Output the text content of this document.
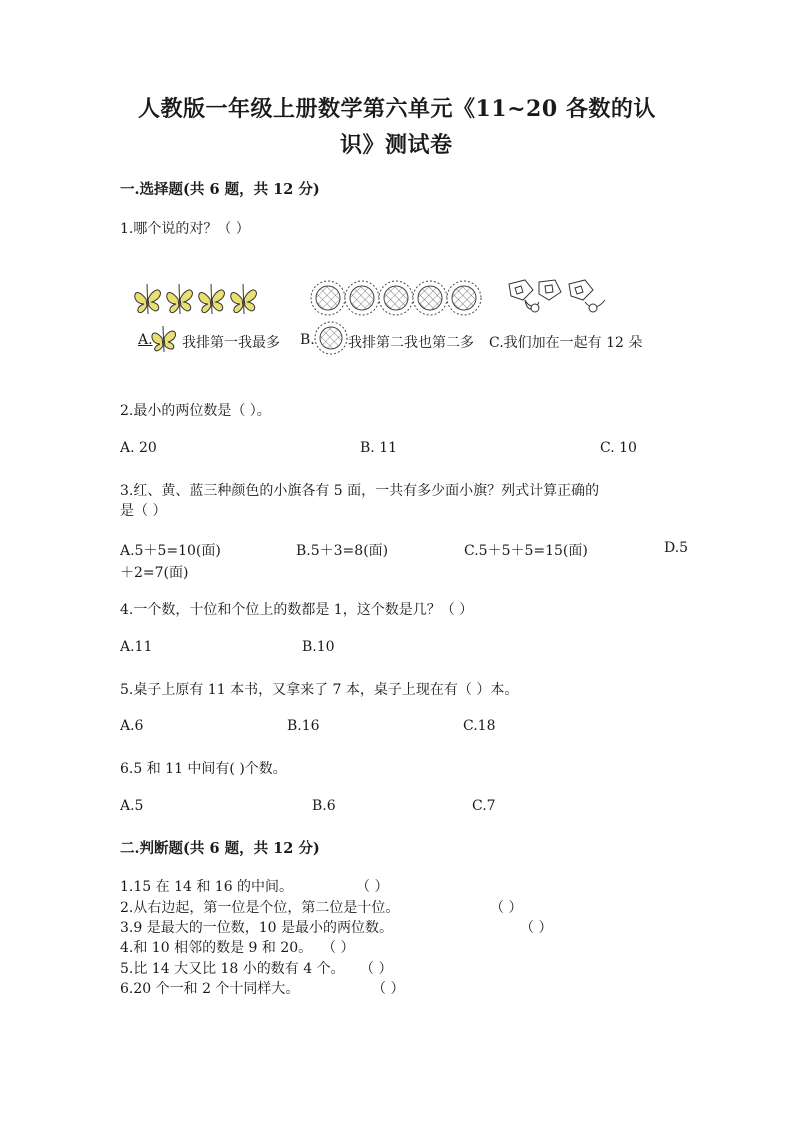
人教版一年级上册数学第六单元《11~20 各数的认
识》测试卷
一.选择题(共 6 题，共 12 分)
1.哪个说的对？（ ）
A. 我排第一我最多 B. 我排第二我也第二多 C.我们加在一起有 12 朵
2.最小的两位数是（ ）。
A. 20	B. 11	C. 10
3.红、黄、蓝三种颜色的小旗各有 5 面，一共有多少面小旗？列式计算正确的
是（ ）
A.5＋5=10(面)	B.5＋3=8(面)	C.5＋5＋5=15(面)	D.5
＋2=7(面)
4.一个数，十位和个位上的数都是 1，这个数是几？（ ）
A.11	B.10
5.桌子上原有 11 本书，又拿来了 7 本，桌子上现在有（ ）本。
A.6	B.16	C.18
6.5 和 11 中间有( )个数。
A.5	B.6	C.7
二.判断题(共 6 题，共 12 分)
1.15 在 14 和 16 的中间。	（ ）
2.从右边起，第一位是个位，第二位是十位。	（ ）
3.9 是最大的一位数，10 是最小的两位数。	（ ）
4.和 10 相邻的数是 9 和 20。 （ ）
5.比 14 大又比 18 小的数有 4 个。 （ ）
6.20 个一和 2 个十同样大。	（ ）
